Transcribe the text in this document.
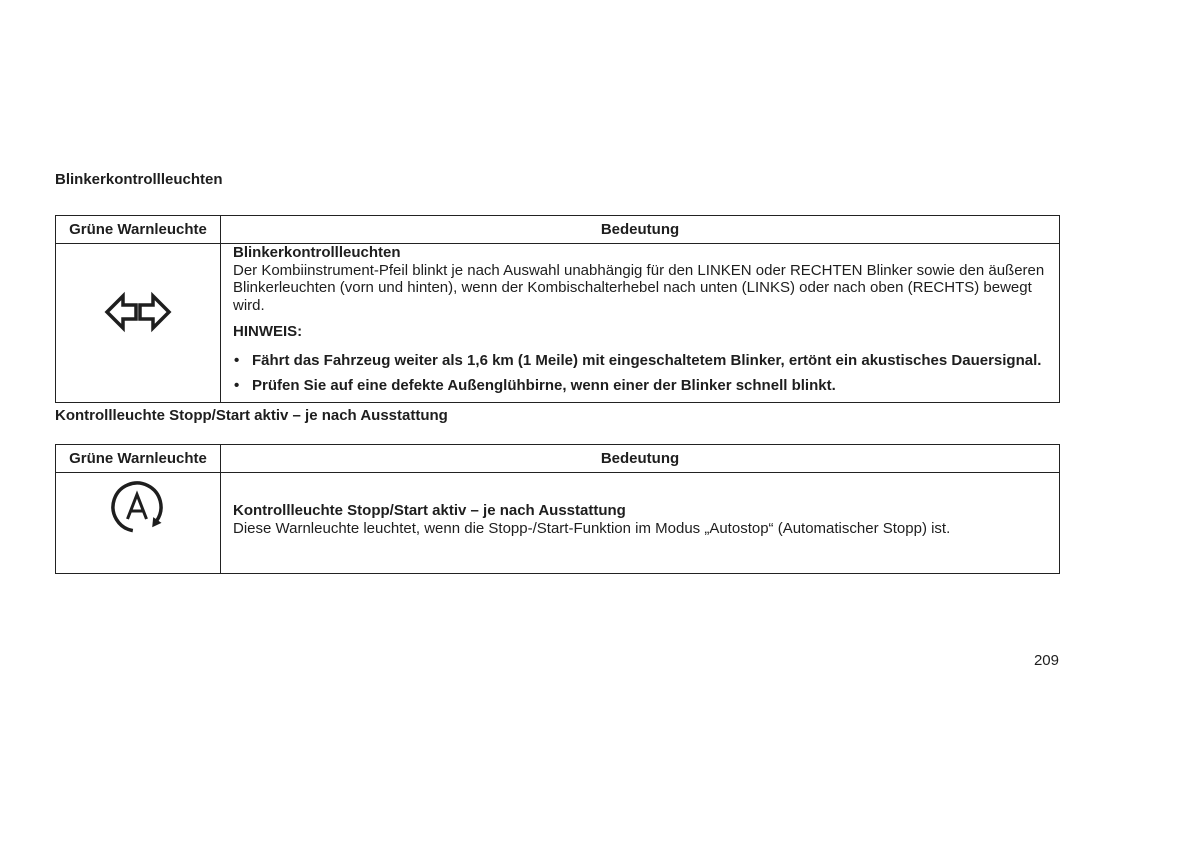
Blinkerkontrollleuchten
Grüne Warnleuchte	Bedeutung
Blinkerkontrollleuchten
Der Kombiinstrument-Pfeil blinkt je nach Auswahl unabhängig für den LINKEN oder RECHTEN Blinker sowie den äußeren Blinkerleuchten (vorn und hinten), wenn der Kombischalterhebel nach unten (LINKS) oder nach oben (RECHTS) bewegt wird.
HINWEIS:
• Fährt das Fahrzeug weiter als 1,6 km (1 Meile) mit eingeschaltetem Blinker, ertönt ein akustisches Dauersignal.
• Prüfen Sie auf eine defekte Außenglühbirne, wenn einer der Blinker schnell blinkt.
Kontrollleuchte Stopp/Start aktiv – je nach Ausstattung
Grüne Warnleuchte	Bedeutung
Kontrollleuchte Stopp/Start aktiv – je nach Ausstattung
Diese Warnleuchte leuchtet, wenn die Stopp-/Start-Funktion im Modus „Autostop“ (Automatischer Stopp) ist.
209
